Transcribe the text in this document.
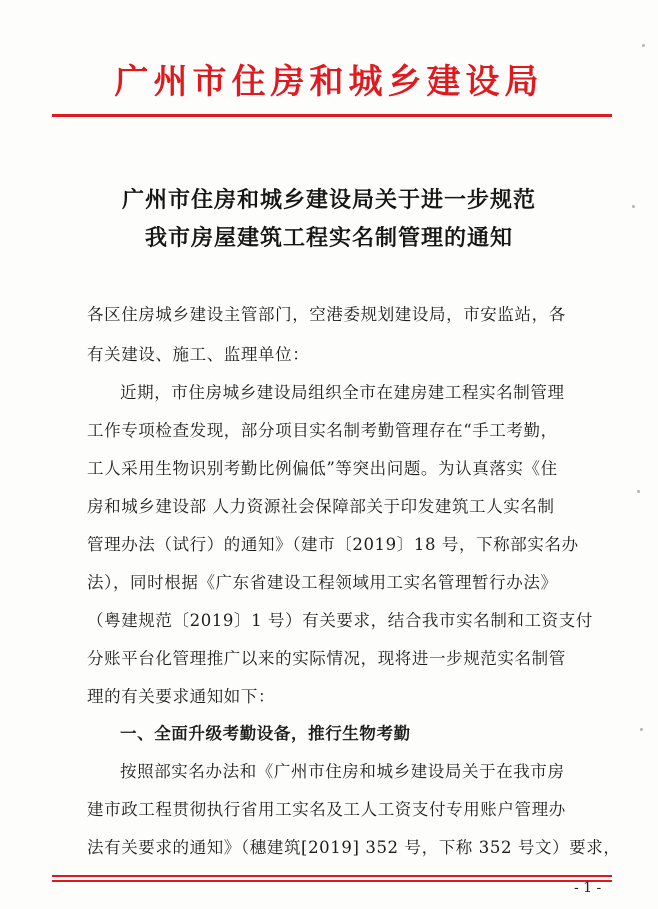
广州市住房和城乡建设局
广州市住房和城乡建设局关于进一步规范
我市房屋建筑工程实名制管理的通知
各区住房城乡建设主管部门，空港委规划建设局，市安监站，各
有关建设、施工、监理单位：
近期，市住房城乡建设局组织全市在建房建工程实名制管理
工作专项检查发现，部分项目实名制考勤管理存在“手工考勤，
工人采用生物识别考勤比例偏低”等突出问题。为认真落实《住
房和城乡建设部 人力资源社会保障部关于印发建筑工人实名制
管理办法（试行）的通知》（建市〔2019〕18 号，下称部实名办
法），同时根据《广东省建设工程领域用工实名管理暂行办法》
（粤建规范〔2019〕1 号）有关要求，结合我市实名制和工资支付
分账平台化管理推广以来的实际情况，现将进一步规范实名制管
理的有关要求通知如下：
一、全面升级考勤设备，推行生物考勤
按照部实名办法和《广州市住房和城乡建设局关于在我市房
建市政工程贯彻执行省用工实名及工人工资支付专用账户管理办
法有关要求的通知》（穗建筑[2019] 352 号，下称 352 号文）要求，
- 1 -
